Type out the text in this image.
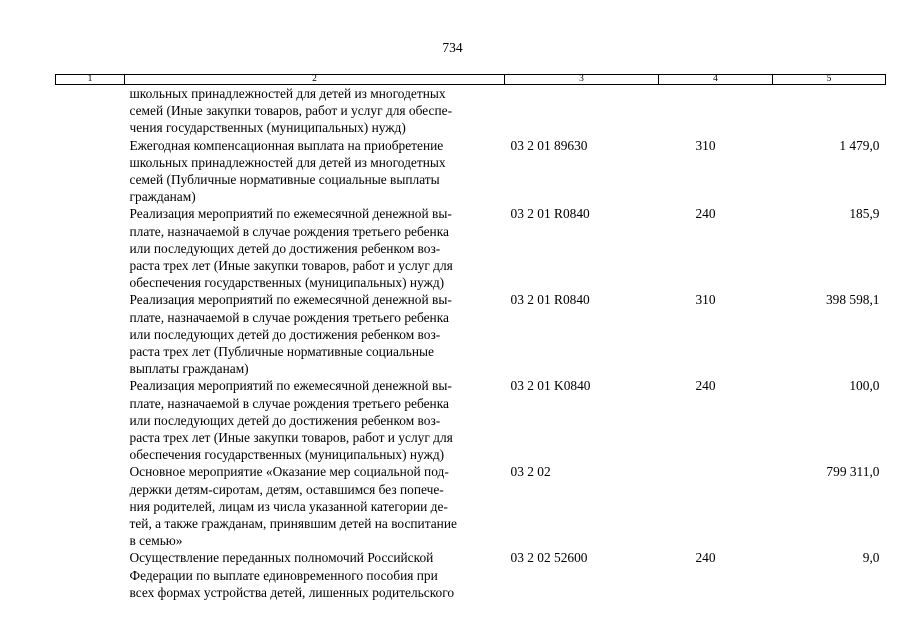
734
1	2	3	4	5

	школьных принадлежностей для детей из многодетных
семей (Иные закупки товаров, работ и услуг для обеспе-
чения государственных (муниципальных) нужд)			

	Ежегодная компенсационная выплата на приобретение
школьных принадлежностей для детей из многодетных
семей (Публичные нормативные социальные выплаты
гражданам)	03 2 01 89630	310	1 479,0

	Реализация мероприятий по ежемесячной денежной вы-
плате, назначаемой в случае рождения третьего ребенка
или последующих детей до достижения ребенком воз-
раста трех лет (Иные закупки товаров, работ и услуг для
обеспечения государственных (муниципальных) нужд)	03 2 01 R0840	240	185,9

	Реализация мероприятий по ежемесячной денежной вы-
плате, назначаемой в случае рождения третьего ребенка
или последующих детей до достижения ребенком воз-
раста трех лет (Публичные нормативные социальные
выплаты гражданам)	03 2 01 R0840	310	398 598,1

	Реализация мероприятий по ежемесячной денежной вы-
плате, назначаемой в случае рождения третьего ребенка
или последующих детей до достижения ребенком воз-
раста трех лет (Иные закупки товаров, работ и услуг для
обеспечения государственных (муниципальных) нужд)	03 2 01 K0840	240	100,0

	Основное мероприятие «Оказание мер социальной под-
держки детям-сиротам, детям, оставшимся без попече-
ния родителей, лицам из числа указанной категории де-
тей, а также гражданам, принявшим детей на воспитание
в семью»	03 2 02		799 311,0

	Осуществление переданных полномочий Российской
Федерации по выплате единовременного пособия при
всех формах устройства детей, лишенных родительского	03 2 02 52600	240	9,0
